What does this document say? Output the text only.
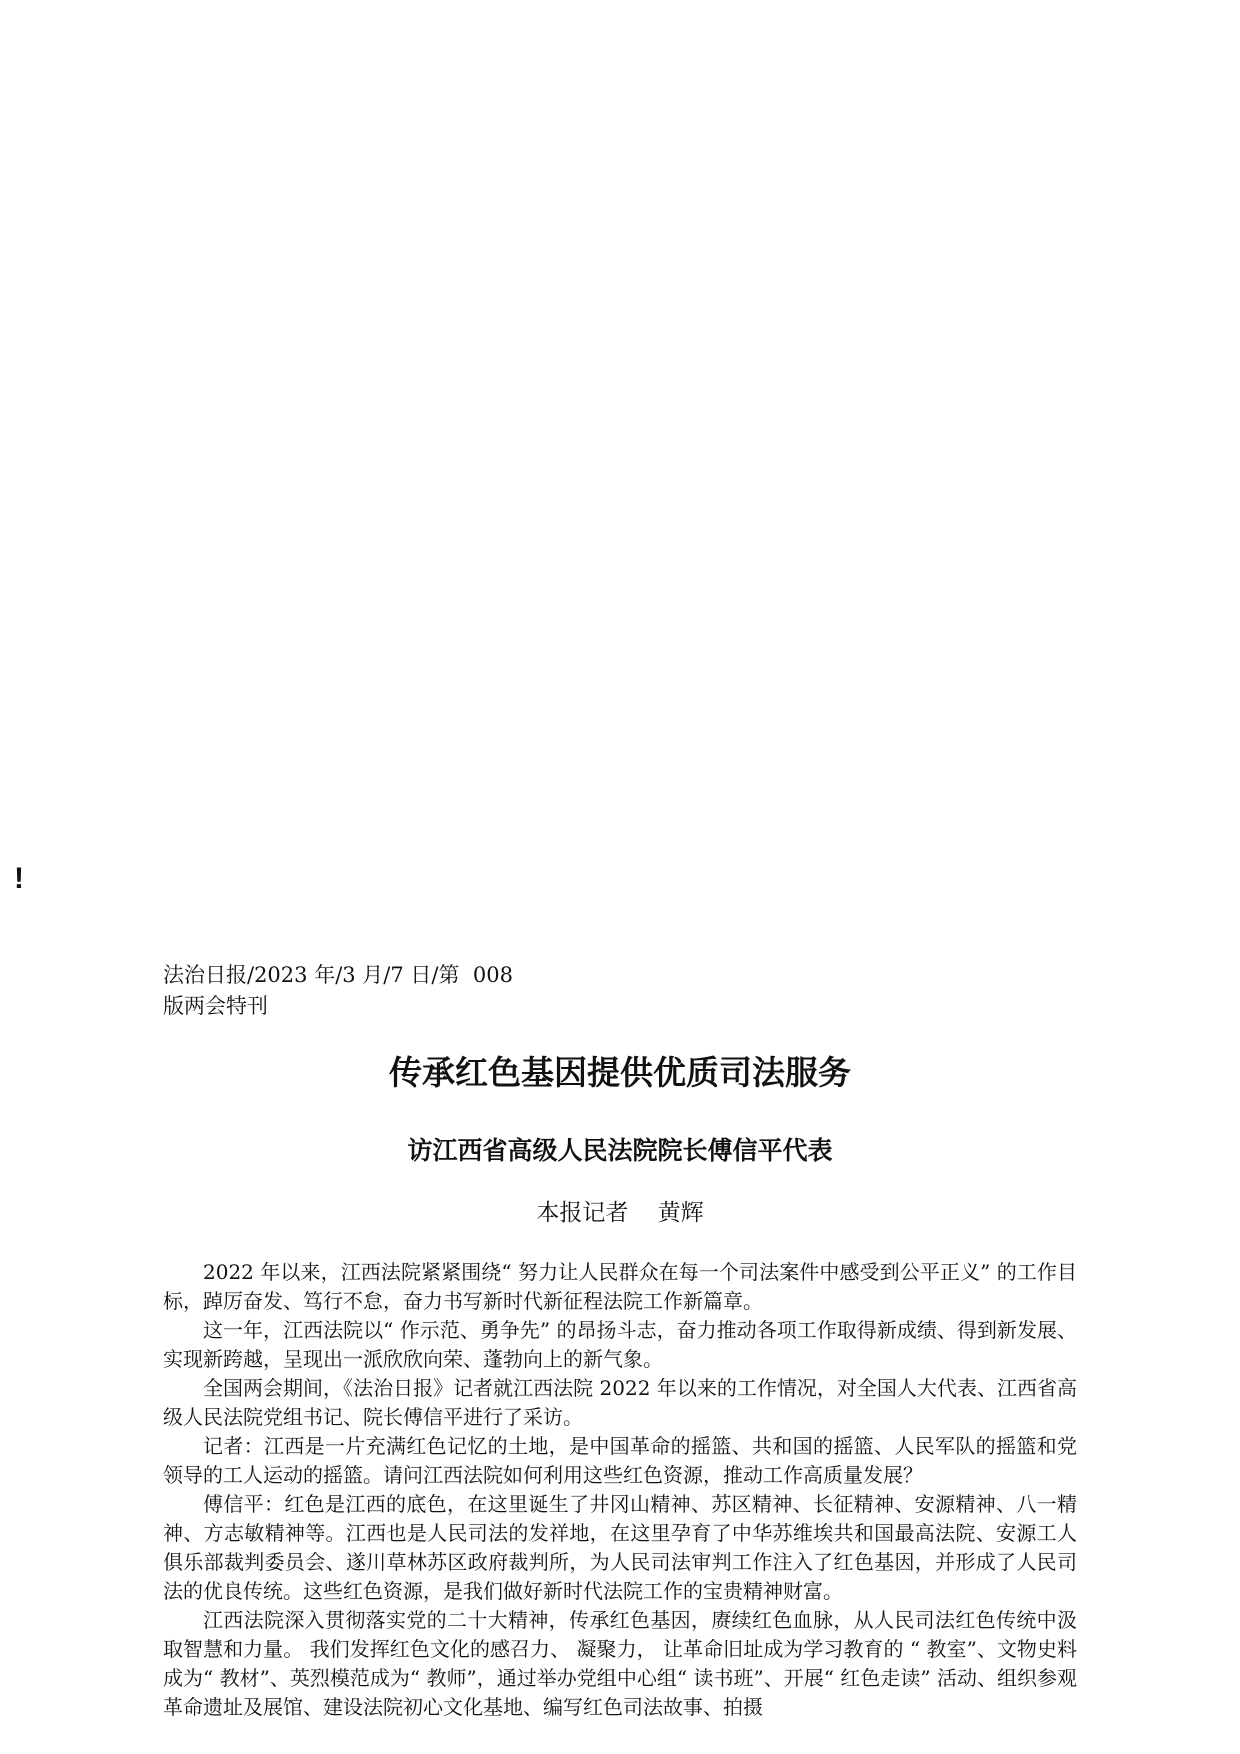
!
法治日报/2023 年/3 月/7 日/第  008
版两会特刊
传承红色基因提供优质司法服务
访江西省高级人民法院院长傅信平代表
本报记者    黄辉

2022 年以来，江西法院紧紧围绕“ 努力让人民群众在每一个司法案件中感受到公平正义” 的工作目标，踔厉奋发、笃行不怠，奋力书写新时代新征程法院工作新篇章。

这一年，江西法院以“ 作示范、勇争先” 的昂扬斗志，奋力推动各项工作取得新成绩、得到新发展、实现新跨越，呈现出一派欣欣向荣、蓬勃向上的新气象。

全国两会期间，《法治日报》记者就江西法院 2022 年以来的工作情况，对全国人大代表、江西省高级人民法院党组书记、院长傅信平进行了采访。

记者：江西是一片充满红色记忆的土地，是中国革命的摇篮、共和国的摇篮、人民军队的摇篮和党领导的工人运动的摇篮。请问江西法院如何利用这些红色资源，推动工作高质量发展？

傅信平：红色是江西的底色，在这里诞生了井冈山精神、苏区精神、长征精神、安源精神、八一精神、方志敏精神等。江西也是人民司法的发祥地，在这里孕育了中华苏维埃共和国最高法院、安源工人俱乐部裁判委员会、遂川草林苏区政府裁判所，为人民司法审判工作注入了红色基因，并形成了人民司法的优良传统。这些红色资源，是我们做好新时代法院工作的宝贵精神财富。

江西法院深入贯彻落实党的二十大精神，传承红色基因，赓续红色血脉，从人民司法红色传统中汲取智慧和力量。 我们发挥红色文化的感召力、 凝聚力， 让革命旧址成为学习教育的 “ 教室”、文物史料成为“ 教材”、英烈模范成为“ 教师”，通过举办党组中心组“ 读书班”、开展“ 红色走读” 活动、组织参观革命遗址及展馆、建设法院初心文化基地、编写红色司法故事、拍摄
